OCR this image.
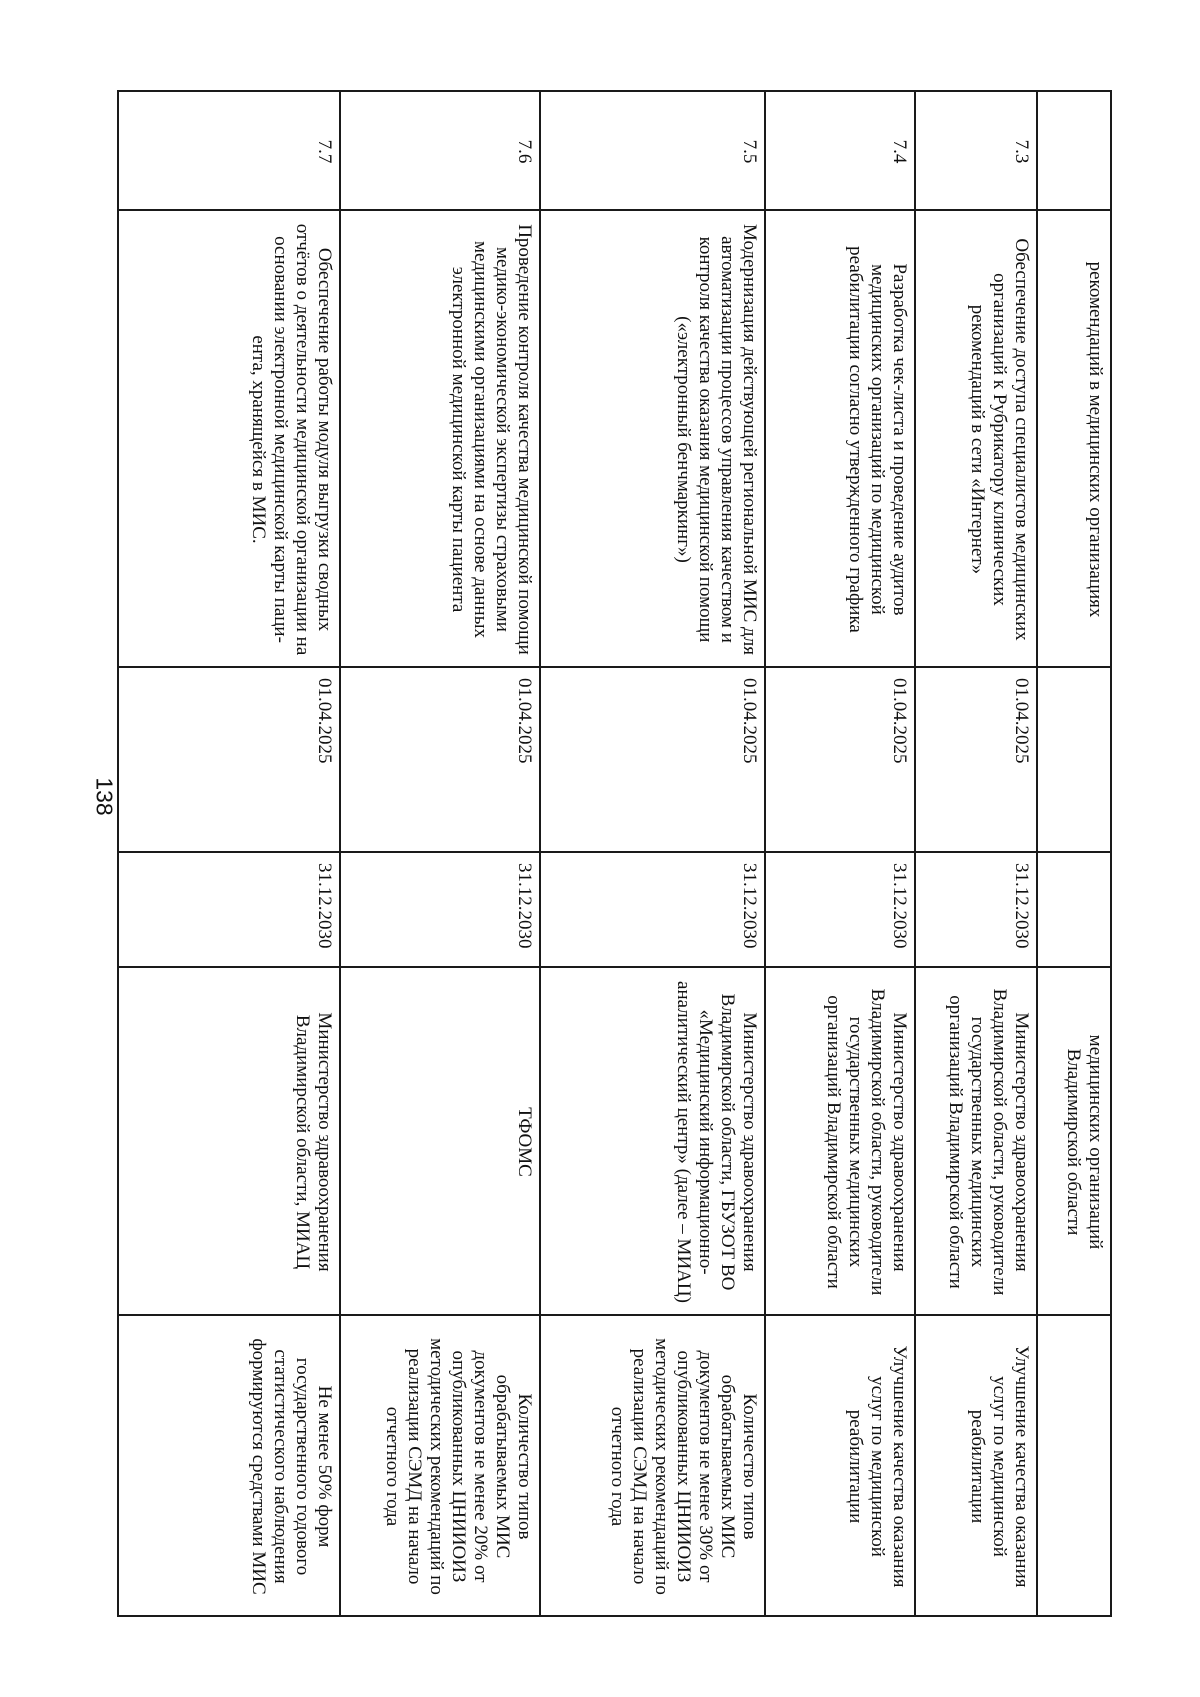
138
	рекомендаций в медицинских организациях			медицинских организаций Владимирской области	
7.3	Обеспечение доступа специалистов медицинских организаций к Рубрикатору клинических рекомендаций в сети «Интернет»	01.04.2025	31.12.2030	Министерство здравоохранения Владимирской области, руководители государственных медицинских организаций Владимирской области	Улучшение качества оказания услуг по медицинской реабилитации
7.4	Разработка чек-листа и проведение аудитов медицинских организаций по медицинской реабилитации согласно утвержденного графика	01.04.2025	31.12.2030	Министерство здравоохранения Владимирской области, руководители государственных медицинских организаций Владимирской области	Улучшение качества оказания услуг по медицинской реабилитации
7.5	Модернизация действующей региональной МИС для автоматизации процессов управления качеством и контроля качества оказания медицинской помощи («электронный бенчмаркинг»)	01.04.2025	31.12.2030	Министерство здравоохранения Владимирской области, ГБУЗОТ ВО «Медицинский информационно-аналитический центр» (далее – МИАЦ)	Количество типов обрабатываемых МИС документов не менее 30% от опубликованных ЦНИИОИЗ методических рекомендаций по реализации СЭМД на начало отчетного года
7.6	Проведение контроля качества медицинской помощи медико-экономической экспертизы страховыми медицинскими организациями на основе данных электронной медицинской карты пациента	01.04.2025	31.12.2030	ТФОМС	Количество типов обрабатываемых МИС документов не менее 20% от опубликованных ЦНИИОИЗ методических рекомендаций по реализации СЭМД на начало отчетного года
7.7	Обеспечение работы модуля выгрузки сводных отчётов о деятельности медицинской организации на основании электронной медицинской карты паци-ента, хранящейся в МИС.	01.04.2025	31.12.2030	Министерство здравоохранения Владимирской области, МИАЦ	Не менее 50% форм государственного годового статистического наблюдения формируются средствами МИС
